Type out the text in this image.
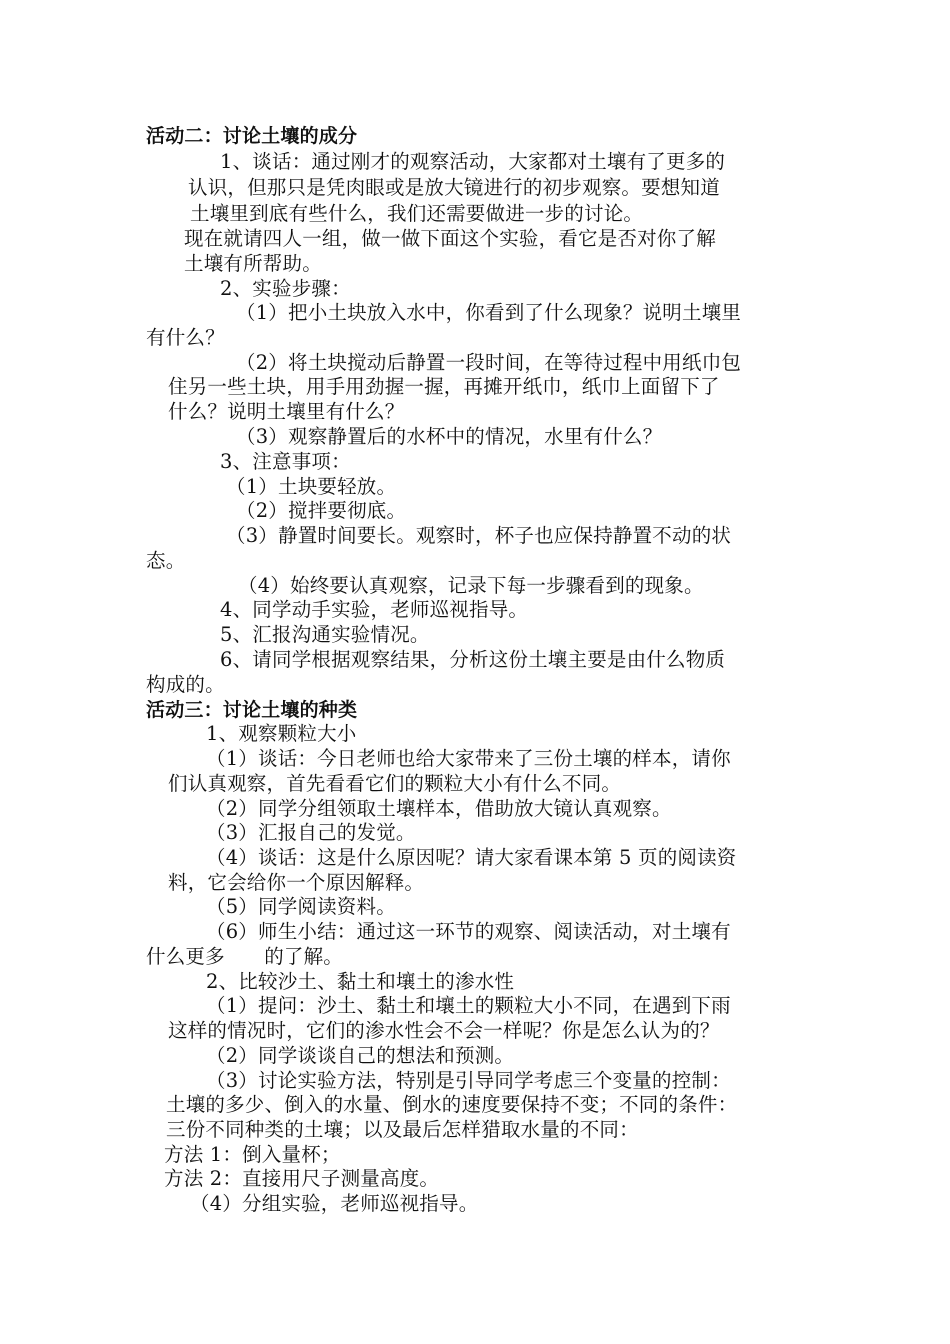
活动二：讨论土壤的成分
1、谈话：通过刚才的观察活动，大家都对土壤有了更多的
认识，但那只是凭肉眼或是放大镜进行的初步观察。要想知道
土壤里到底有些什么，我们还需要做进一步的讨论。
现在就请四人一组，做一做下面这个实验，看它是否对你了解
土壤有所帮助。
2、实验步骤：
（1）把小土块放入水中，你看到了什么现象？说明土壤里
有什么？
（2）将土块搅动后静置一段时间，在等待过程中用纸巾包
住另一些土块，用手用劲握一握，再摊开纸巾，纸巾上面留下了
什么？说明土壤里有什么？
（3）观察静置后的水杯中的情况，水里有什么？
3、注意事项：
（1）土块要轻放。
（2）搅拌要彻底。
（3）静置时间要长。观察时，杯子也应保持静置不动的状
态。
（4）始终要认真观察，记录下每一步骤看到的现象。
4、同学动手实验，老师巡视指导。
5、汇报沟通实验情况。
6、请同学根据观察结果，分析这份土壤主要是由什么物质
构成的。
活动三：讨论土壤的种类
1、观察颗粒大小
（1）谈话：今日老师也给大家带来了三份土壤的样本，请你
们认真观察，首先看看它们的颗粒大小有什么不同。
（2）同学分组领取土壤样本，借助放大镜认真观察。
（3）汇报自己的发觉。
（4）谈话：这是什么原因呢？请大家看课本第 5 页的阅读资
料，它会给你一个原因解释。
（5）同学阅读资料。
（6）师生小结：通过这一环节的观察、阅读活动，对土壤有
什么更多　　的了解。
2、比较沙土、黏土和壤土的渗水性
（1）提问：沙土、黏土和壤土的颗粒大小不同，在遇到下雨
这样的情况时，它们的渗水性会不会一样呢？你是怎么认为的？
（2）同学谈谈自己的想法和预测。
（3）讨论实验方法，特别是引导同学考虑三个变量的控制：
土壤的多少、倒入的水量、倒水的速度要保持不变；不同的条件：
三份不同种类的土壤；以及最后怎样猎取水量的不同：
方法 1：倒入量杯；
方法 2：直接用尺子测量高度。
（4）分组实验，老师巡视指导。
